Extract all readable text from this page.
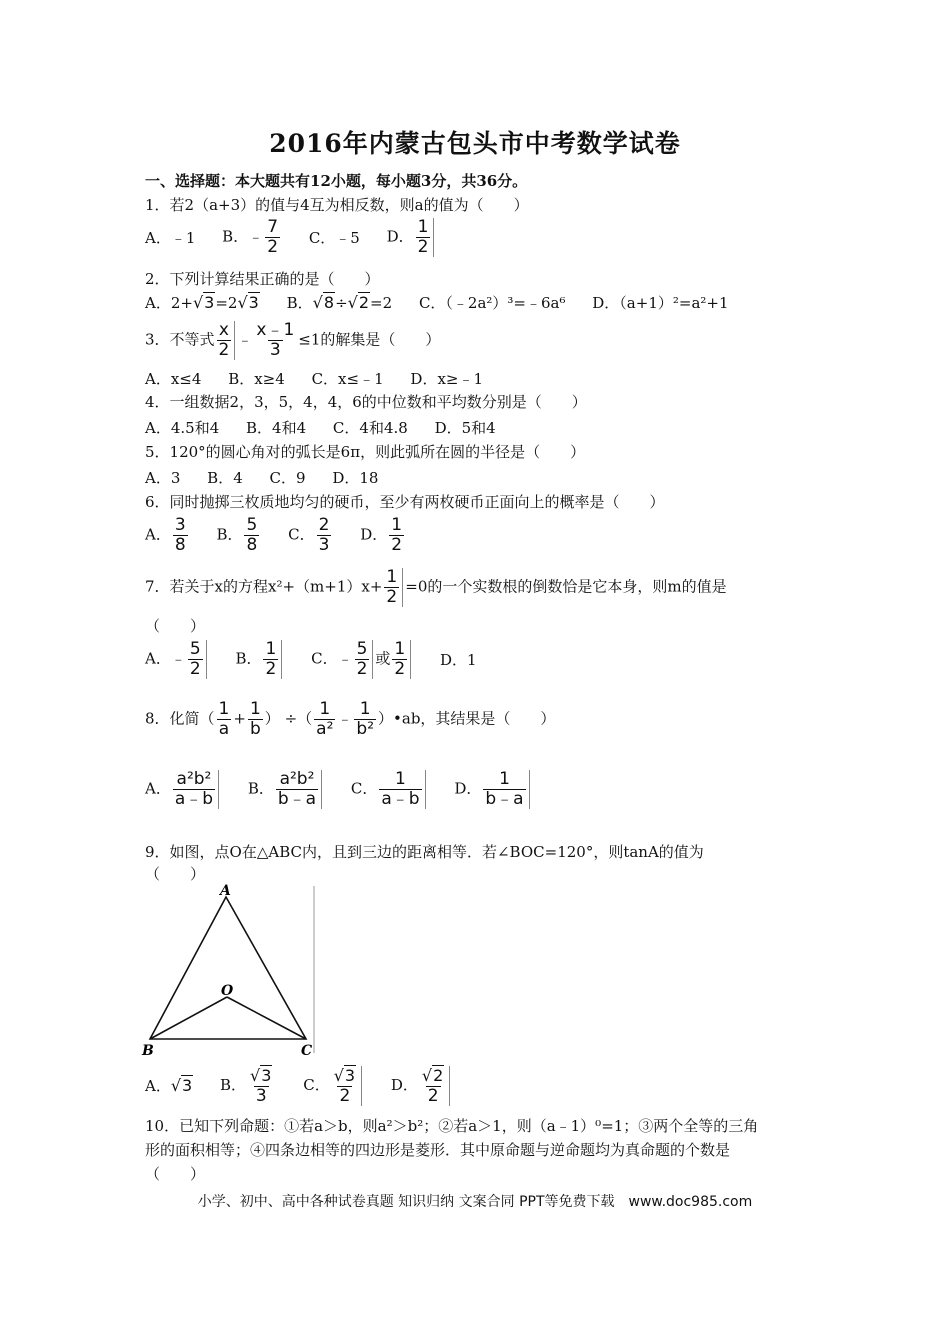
2016年内蒙古包头市中考数学试卷
一、选择题：本大题共有12小题，每小题3分，共36分。
1．若2（a+3）的值与4互为相反数，则a的值为（　　）
A．﹣1 B．﹣ $\frac{7}{2}$ C．﹣5 D． $\frac{1}{2}$
2．下列计算结果正确的是（　　）
A．2+√3=2√3 B．√8÷√2=2 C．（﹣2a²）³=﹣6a⁶ D．（a+1）²=a²+1
3．不等式 $\frac{x}{2}$ ﹣ $\frac{x﹣1}{3} \le 1$的解集是（　　）
A．x≤4 B．x≥4 C．x≤﹣1 D．x≥﹣1
4．一组数据2，3，5，4，4，6的中位数和平均数分别是（　　）
A．4.5和4 B．4和4 C．4和4.8 D．5和4
5．120°的圆心角对的弧长是6π，则此弧所在圆的半径是（　　）
A．3 B．4 C．9 D．18
6．同时抛掷三枚质地均匀的硬币，至少有两枚硬币正面向上的概率是（　　）
A． $\frac{3}{8}$ B． $\frac{5}{8}$ C． $\frac{2}{3}$ D． $\frac{1}{2}$
7．若关于x的方程$x^2+(m+1)x+ \frac{1}{2} =0$的一个实数根的倒数恰是它本身，则m的值是
（　　）
A．﹣ $\frac{5}{2}$ B． $\frac{1}{2}$ C．﹣ $\frac{5}{2}$ 或 $\frac{1}{2}$ D．1
8．化简（ $\frac{1}{a} + \frac{1}{b}$ ） ÷（ $\frac{1}{\text{a²}}$ ﹣ $\frac{1}{\text{b²}}$ ）•ab，其结果是（　　）
A． $\frac{\text{a²b²}}{a﹣b}$ B． $\frac{\text{a²b²}}{b﹣a}$ C． $\frac{1}{a﹣b}$ D． $\frac{1}{b﹣a}$
9．如图，点O在△ABC内，且到三边的距离相等．若∠BOC=120°，则tanA的值为
（　　）
A
O
B	C
A．√3 B． $\frac{√3}{3}$ C． $\frac{√3}{2}$ D． $\frac{√2}{2}$
10．已知下列命题：①若a＞b，则a²＞b²；②若a＞1，则（a﹣1）⁰=1；③两个全等的三角
形的面积相等；④四条边相等的四边形是菱形．其中原命题与逆命题均为真命题的个数是
（　　）
小学、初中、高中各种试卷真题 知识归纳 文案合同 PPT等免费下载　www.doc985.com
